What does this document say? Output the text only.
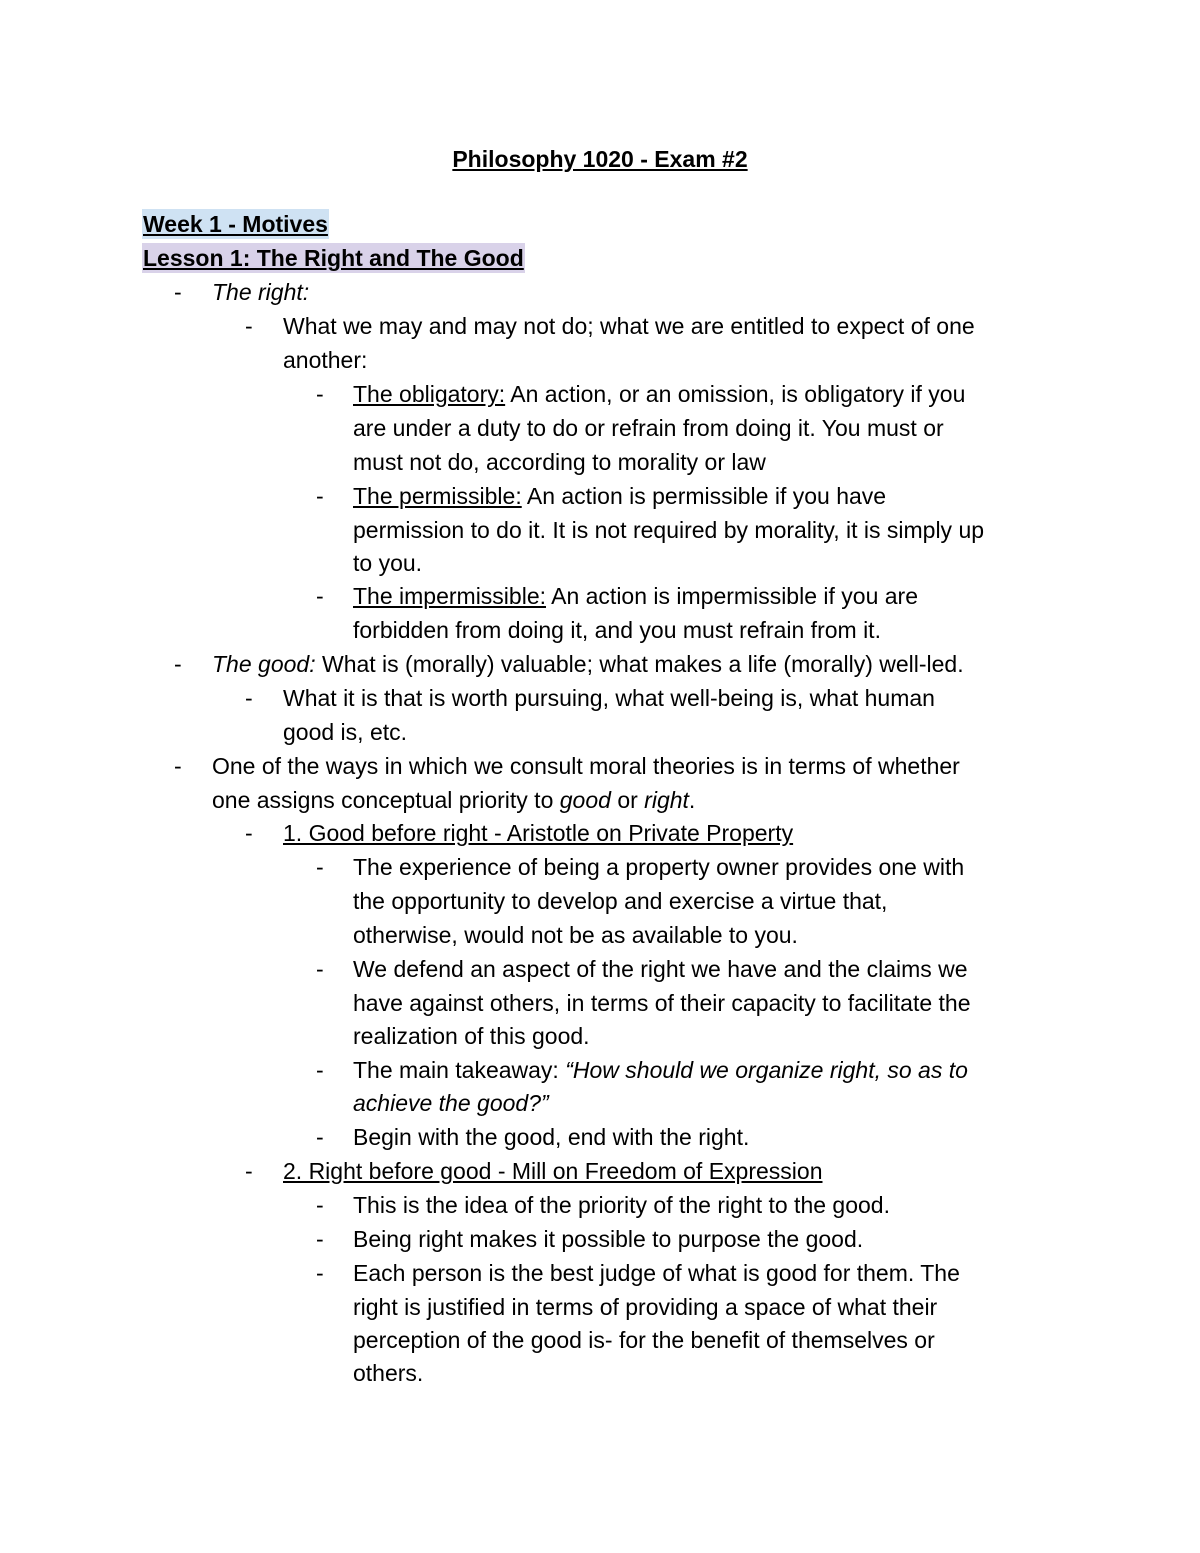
Philosophy 1020 - Exam #2
Week 1 - Motives
Lesson 1: The Right and The Good
- The right:
- What we may and may not do; what we are entitled to expect of one
another:
- The obligatory: An action, or an omission, is obligatory if you
are under a duty to do or refrain from doing it. You must or
must not do, according to morality or law
- The permissible: An action is permissible if you have
permission to do it. It is not required by morality, it is simply up
to you.
- The impermissible: An action is impermissible if you are
forbidden from doing it, and you must refrain from it.
- The good: What is (morally) valuable; what makes a life (morally) well-led.
- What it is that is worth pursuing, what well-being is, what human
good is, etc.
- One of the ways in which we consult moral theories is in terms of whether
one assigns conceptual priority to good or right.
- 1. Good before right - Aristotle on Private Property
- The experience of being a property owner provides one with
the opportunity to develop and exercise a virtue that,
otherwise, would not be as available to you.
- We defend an aspect of the right we have and the claims we
have against others, in terms of their capacity to facilitate the
realization of this good.
- The main takeaway: “How should we organize right, so as to
achieve the good?”
- Begin with the good, end with the right.
- 2. Right before good - Mill on Freedom of Expression
- This is the idea of the priority of the right to the good.
- Being right makes it possible to purpose the good.
- Each person is the best judge of what is good for them. The
right is justified in terms of providing a space of what their
perception of the good is- for the benefit of themselves or
others.
